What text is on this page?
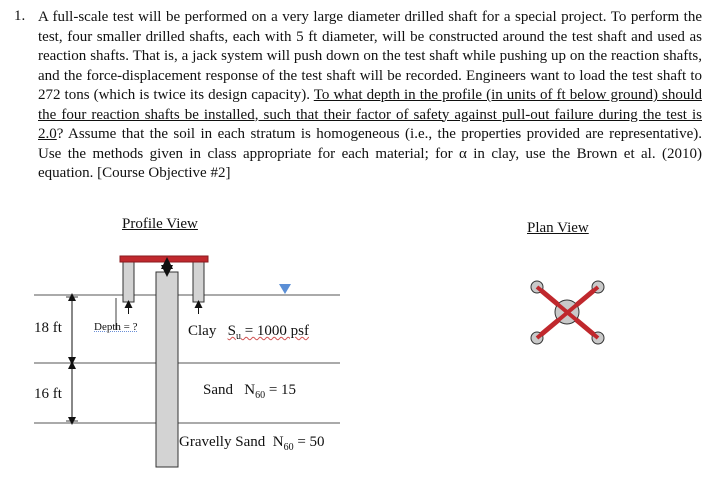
1. A full-scale test will be performed on a very large diameter drilled shaft for a special project. To perform the test, four smaller drilled shafts, each with 5 ft diameter, will be constructed around the test shaft and used as reaction shafts. That is, a jack system will push down on the test shaft while pushing up on the reaction shafts, and the force-displacement response of the test shaft will be recorded. Engineers want to load the test shaft to 272 tons (which is twice its design capacity). To what depth in the profile (in units of ft below ground) should the four reaction shafts be installed, such that their factor of safety against pull-out failure during the test is 2.0? Assume that the soil in each stratum is homogeneous (i.e., the properties provided are representative). Use the methods given in class appropriate for each material; for α in clay, use the Brown et al. (2010) equation. [Course Objective #2]
Profile View	Plan View
18 ft
16 ft
Depth = ?	Clay $S_u = 1000$ psf
Sand $N_{60} = 15$
Gravelly Sand $N_{60} = 50$
